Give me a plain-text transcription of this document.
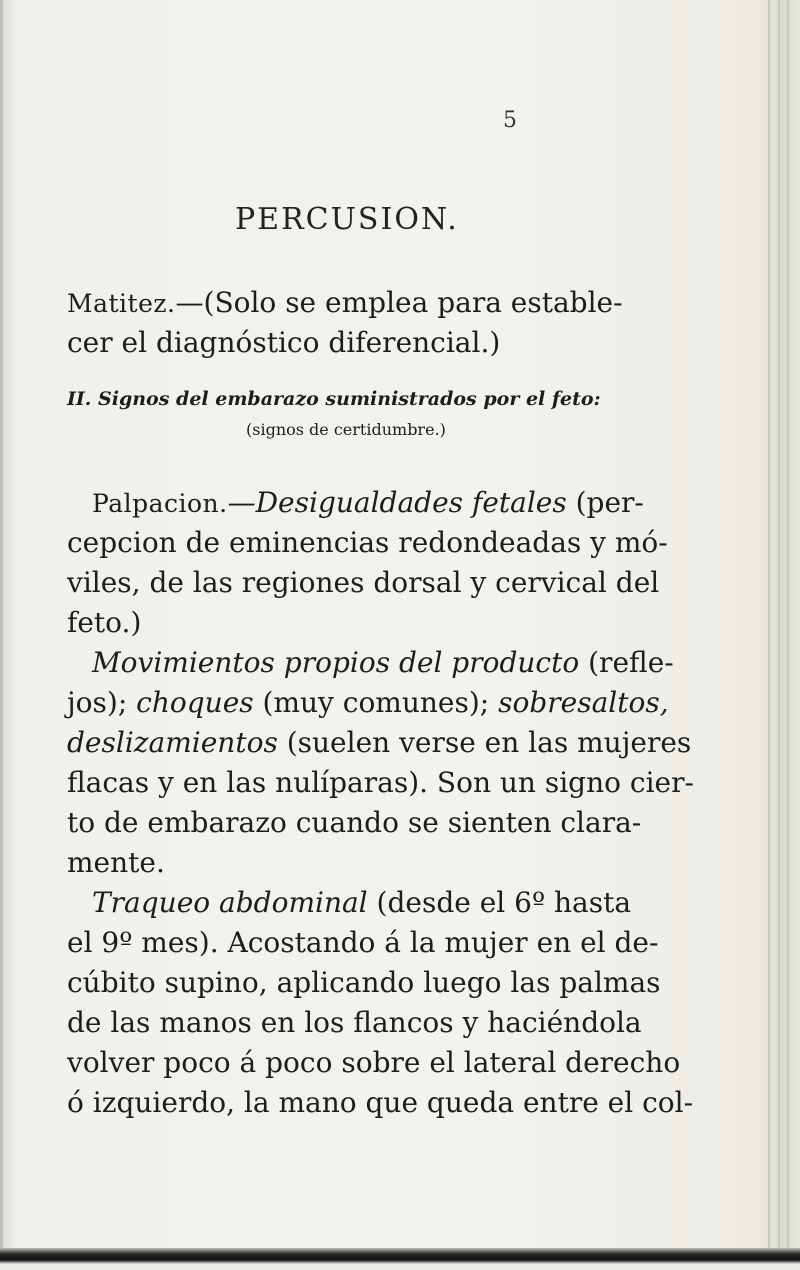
5
PERCUSION.
Matitez.—(Solo se emplea para estable-
cer el diagnóstico diferencial.)
II. Signos del embarazo suministrados por el feto:
(signos de certidumbre.)
Palpacion.—Desigualdades fetales (per-
cepcion de eminencias redondeadas y mó-
viles, de las regiones dorsal y cervical del
feto.)
Movimientos propios del producto (refle-
jos); choques (muy comunes); sobresaltos,
deslizamientos (suelen verse en las mujeres
flacas y en las nulíparas). Son un signo cier-
to de embarazo cuando se sienten clara-
mente.
Traqueo abdominal (desde el 6º hasta
el 9º mes). Acostando á la mujer en el de-
cúbito supino, aplicando luego las palmas
de las manos en los flancos y haciéndola
volver poco á poco sobre el lateral derecho
ó izquierdo, la mano que queda entre el col-
